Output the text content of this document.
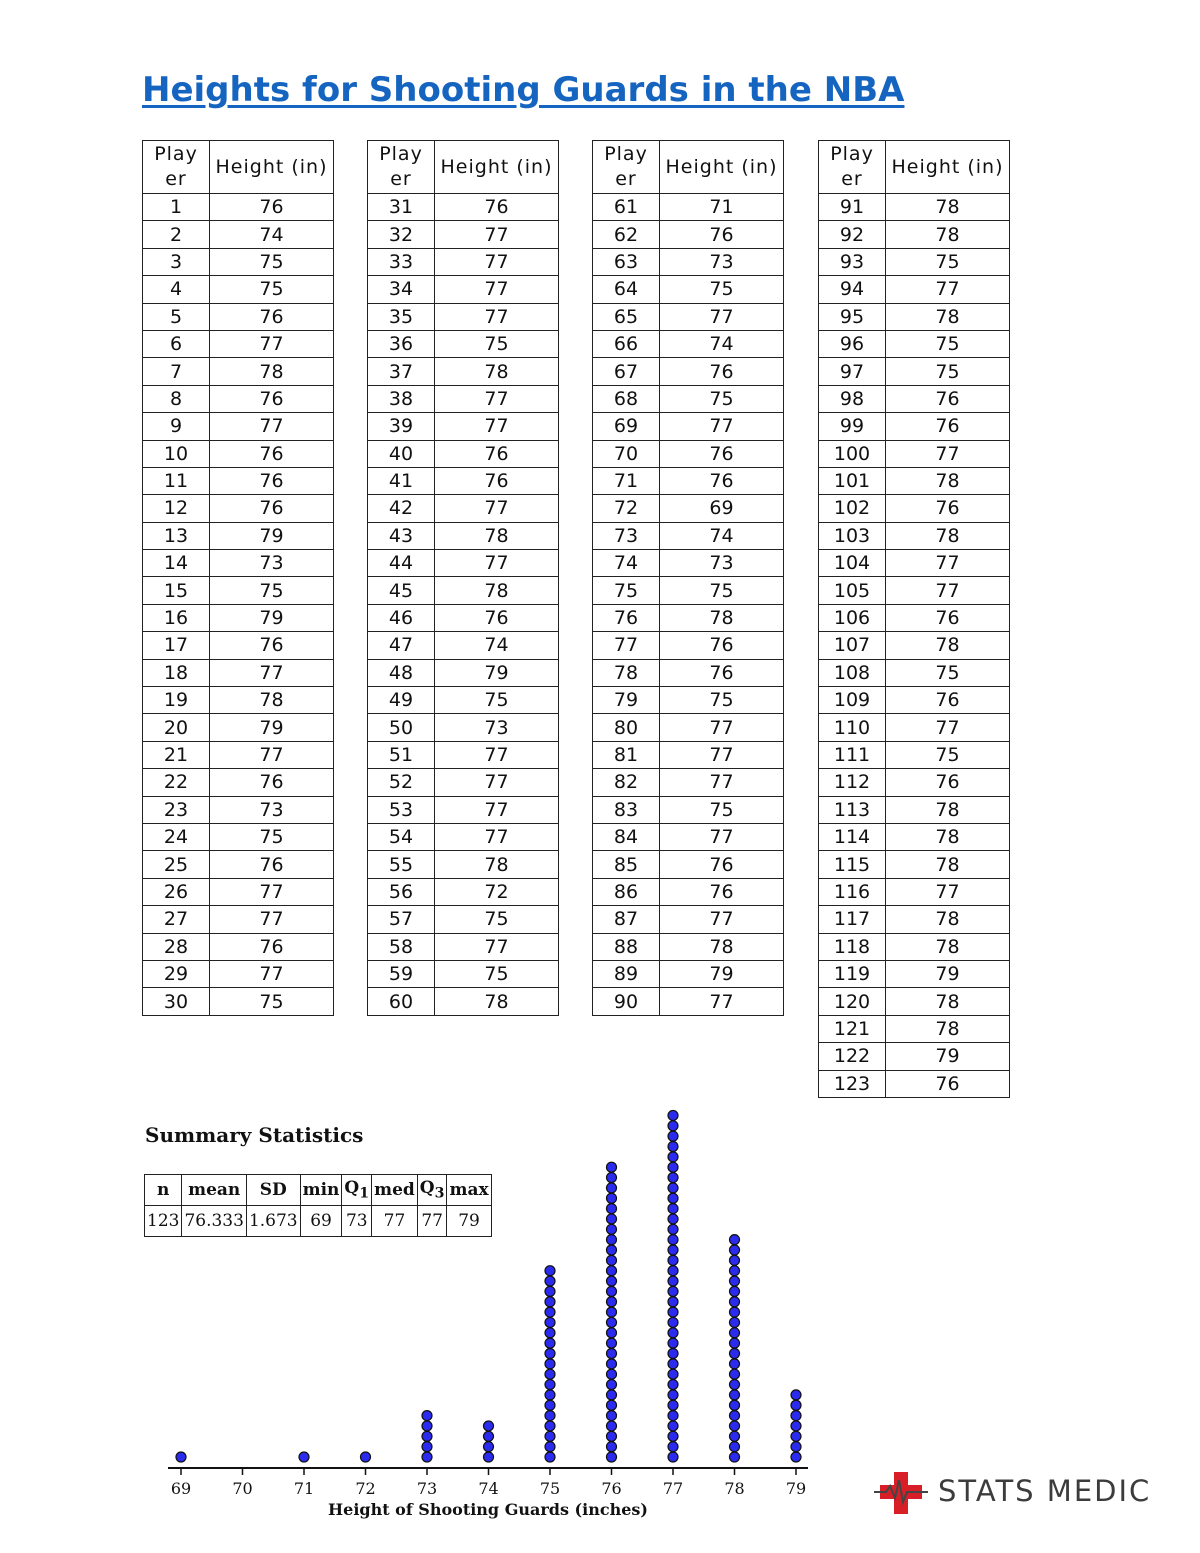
Heights for Shooting Guards in the NBA
Play er	Height (in)
1	76
2	74
3	75
4	75
5	76
6	77
7	78
8	76
9	77
10	76
11	76
12	76
13	79
14	73
15	75
16	79
17	76
18	77
19	78
20	79
21	77
22	76
23	73
24	75
25	76
26	77
27	77
28	76
29	77
30	75
Play er	Height (in)
31	76
32	77
33	77
34	77
35	77
36	75
37	78
38	77
39	77
40	76
41	76
42	77
43	78
44	77
45	78
46	76
47	74
48	79
49	75
50	73
51	77
52	77
53	77
54	77
55	78
56	72
57	75
58	77
59	75
60	78
Play er	Height (in)
61	71
62	76
63	73
64	75
65	77
66	74
67	76
68	75
69	77
70	76
71	76
72	69
73	74
74	73
75	75
76	78
77	76
78	76
79	75
80	77
81	77
82	77
83	75
84	77
85	76
86	76
87	77
88	78
89	79
90	77
Play er	Height (in)
91	78
92	78
93	75
94	77
95	78
96	75
97	75
98	76
99	76
100	77
101	78
102	76
103	78
104	77
105	77
106	76
107	78
108	75
109	76
110	77
111	75
112	76
113	78
114	78
115	78
116	77
117	78
118	78
119	79
120	78
121	78
122	79
123	76
Summary Statistics
n	mean	SD	min	$Q_1$	med	$Q_3$	max
123	76.333	1.673	69	73	77	77	79
69	70	71	72	73	74	75	76	77	78	79
Height of Shooting Guards (inches)
STATS MEDIC
